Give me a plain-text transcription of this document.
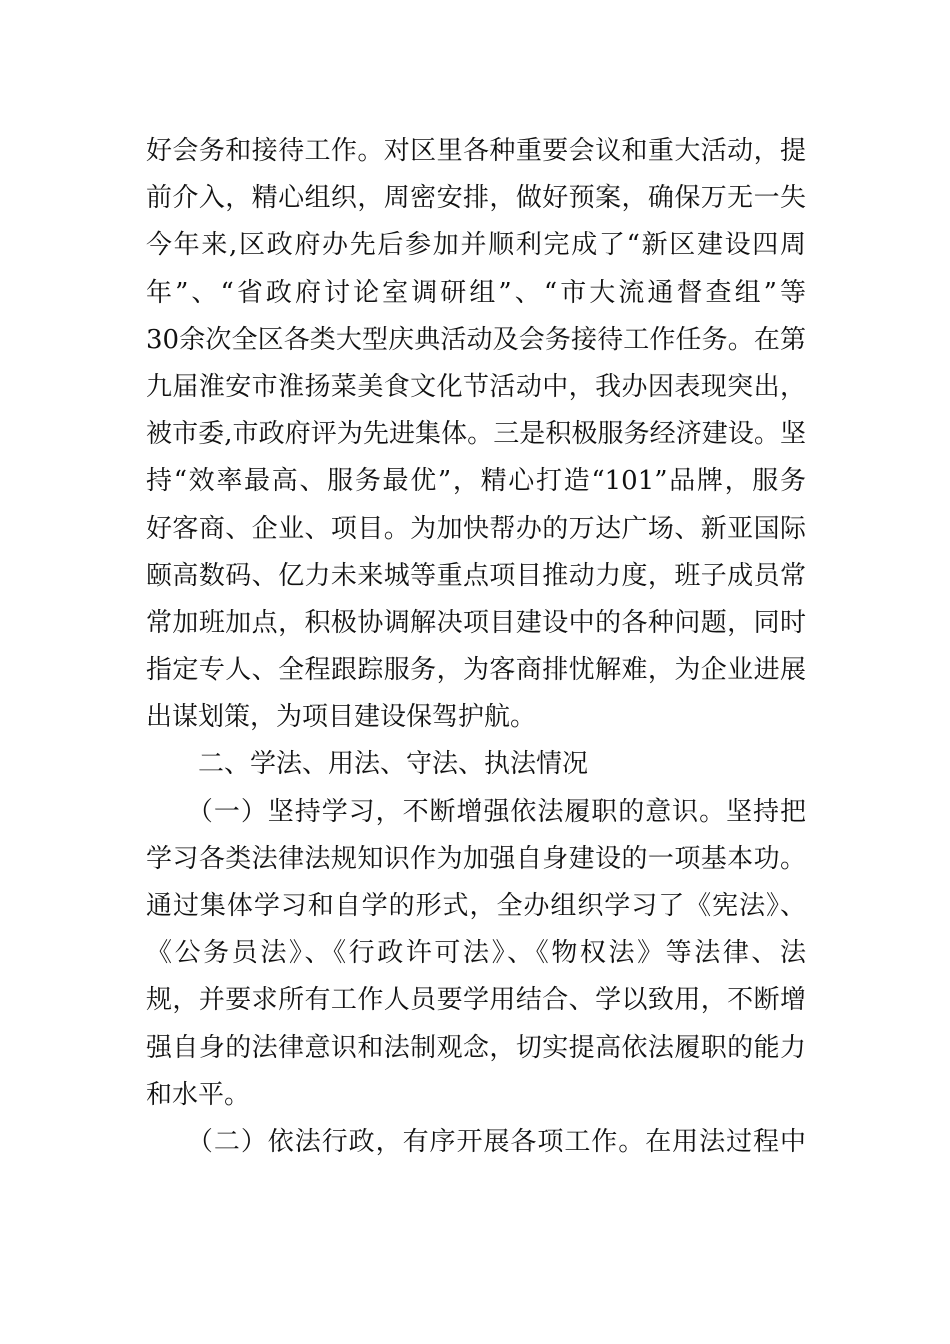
好会务和接待工作。对区里各种重要会议和重大活动，提
前介入，精心组织，周密安排，做好预案，确保万无一失
今年来,区政府办先后参加并顺利完成了“新区建设四周
年”、“省政府讨论室调研组”、“市大流通督查组”等
30余次全区各类大型庆典活动及会务接待工作任务。在第
九届淮安市淮扬菜美食文化节活动中，我办因表现突出，
被市委,市政府评为先进集体。三是积极服务经济建设。坚
持“效率最高、服务最优”，精心打造“101”品牌，服务
好客商、企业、项目。为加快帮办的万达广场、新亚国际
颐高数码、亿力未来城等重点项目推动力度，班子成员常
常加班加点，积极协调解决项目建设中的各种问题，同时
指定专人、全程跟踪服务，为客商排忧解难，为企业进展
出谋划策，为项目建设保驾护航。
　　二、学法、用法、守法、执法情况
　　（一）坚持学习，不断增强依法履职的意识。坚持把
学习各类法律法规知识作为加强自身建设的一项基本功。
通过集体学习和自学的形式，全办组织学习了《宪法》、
《公务员法》、《行政许可法》、《物权法》等法律、法
规，并要求所有工作人员要学用结合、学以致用，不断增
强自身的法律意识和法制观念，切实提高依法履职的能力
和水平。
　　（二）依法行政，有序开展各项工作。在用法过程中
